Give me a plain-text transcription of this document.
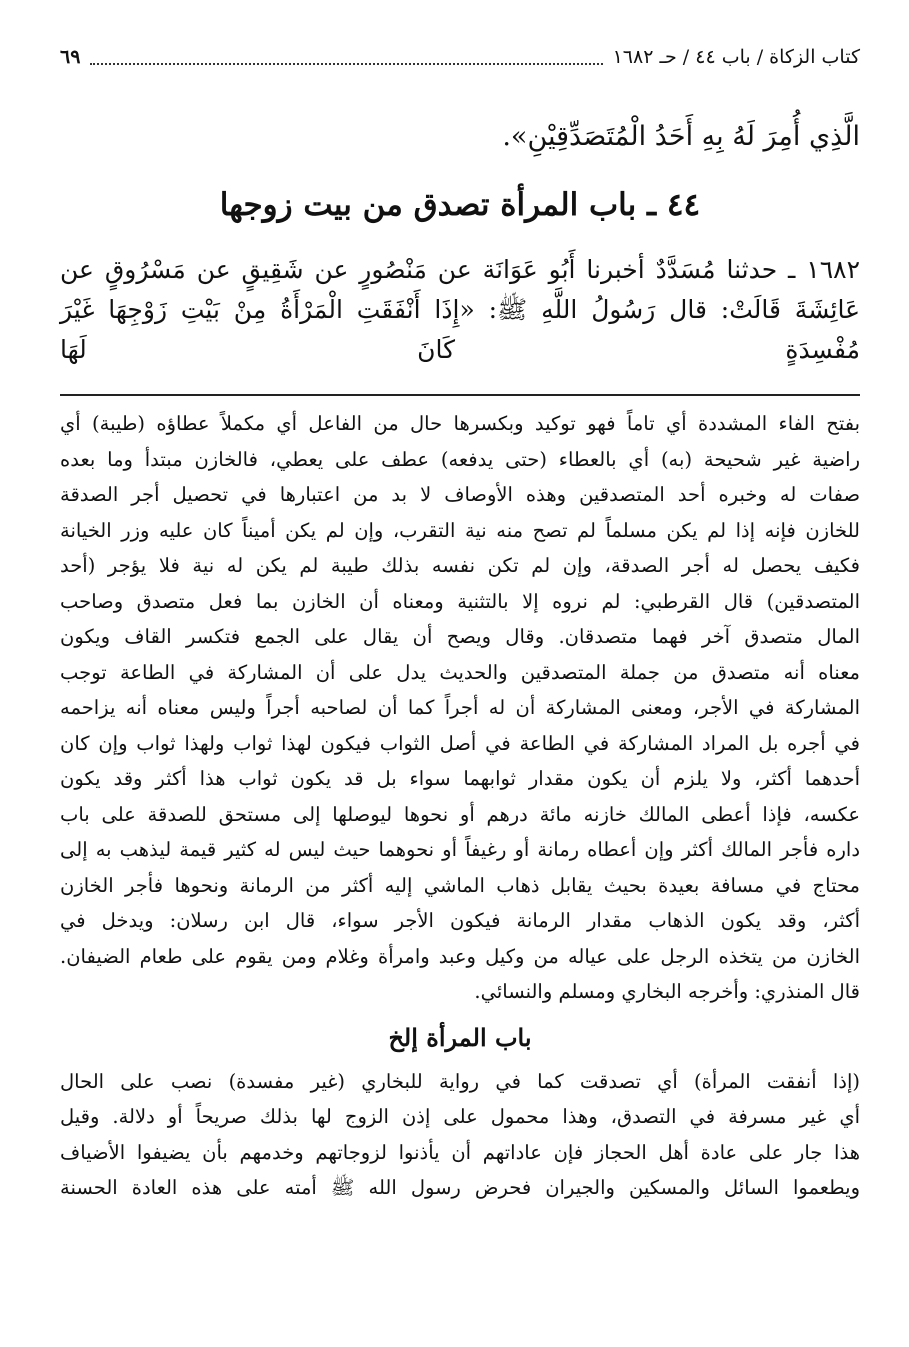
كتاب الزكاة / باب ٤٤ / حـ ١٦٨٢
٦٩
الَّذِي أُمِرَ لَهُ بِهِ أَحَدُ الْمُتَصَدِّقِيْنِ».
٤٤ ـ باب المرأة تصدق من بيت زوجها
١٦٨٢ ـ حدثنا مُسَدَّدٌ أخبرنا أَبُو عَوَانَة عن مَنْصُورٍ عن شَقِيقٍ عن مَسْرُوقٍ عن
عَائِشَةَ قَالَتْ: قال رَسُولُ اللَّهِ ﷺ: «إِذَا أَنْفَقَتِ الْمَرْأَةُ مِنْ بَيْتِ زَوْجِهَا غَيْرَ مُفْسِدَةٍ كَانَ لَهَا
بفتح الفاء المشددة أي تاماً فهو توكيد وبكسرها حال من الفاعل أي مكملاً عطاؤه (طيبة) أي
راضية غير شحيحة (به) أي بالعطاء (حتى يدفعه) عطف على يعطي، فالخازن مبتدأ وما بعده
صفات له وخبره أحد المتصدقين وهذه الأوصاف لا بد من اعتبارها في تحصيل أجر الصدقة
للخازن فإنه إذا لم يكن مسلماً لم تصح منه نية التقرب، وإن لم يكن أميناً كان عليه وزر الخيانة
فكيف يحصل له أجر الصدقة، وإن لم تكن نفسه بذلك طيبة لم يكن له نية فلا يؤجر (أحد
المتصدقين) قال القرطبي: لم نروه إلا بالتثنية ومعناه أن الخازن بما فعل متصدق وصاحب
المال متصدق آخر فهما متصدقان. وقال ويصح أن يقال على الجمع فتكسر القاف ويكون
معناه أنه متصدق من جملة المتصدقين والحديث يدل على أن المشاركة في الطاعة توجب
المشاركة في الأجر، ومعنى المشاركة أن له أجراً كما أن لصاحبه أجراً وليس معناه أنه يزاحمه
في أجره بل المراد المشاركة في الطاعة في أصل الثواب فيكون لهذا ثواب ولهذا ثواب وإن كان
أحدهما أكثر، ولا يلزم أن يكون مقدار ثوابهما سواء بل قد يكون ثواب هذا أكثر وقد يكون
عكسه، فإذا أعطى المالك خازنه مائة درهم أو نحوها ليوصلها إلى مستحق للصدقة على باب
داره فأجر المالك أكثر وإن أعطاه رمانة أو رغيفاً أو نحوهما حيث ليس له كثير قيمة ليذهب به إلى
محتاج في مسافة بعيدة بحيث يقابل ذهاب الماشي إليه أكثر من الرمانة ونحوها فأجر الخازن
أكثر، وقد يكون الذهاب مقدار الرمانة فيكون الأجر سواء، قال ابن رسلان: ويدخل في
الخازن من يتخذه الرجل على عياله من وكيل وعبد وامرأة وغلام ومن يقوم على طعام الضيفان.
قال المنذري: وأخرجه البخاري ومسلم والنسائي.
باب المرأة إلخ
(إذا أنفقت المرأة) أي تصدقت كما في رواية للبخاري (غير مفسدة) نصب على الحال
أي غير مسرفة في التصدق، وهذا محمول على إذن الزوج لها بذلك صريحاً أو دلالة. وقيل
هذا جار على عادة أهل الحجاز فإن عاداتهم أن يأذنوا لزوجاتهم وخدمهم بأن يضيفوا الأضياف
ويطعموا السائل والمسكين والجيران فحرض رسول الله ﷺ أمته على هذه العادة الحسنة
